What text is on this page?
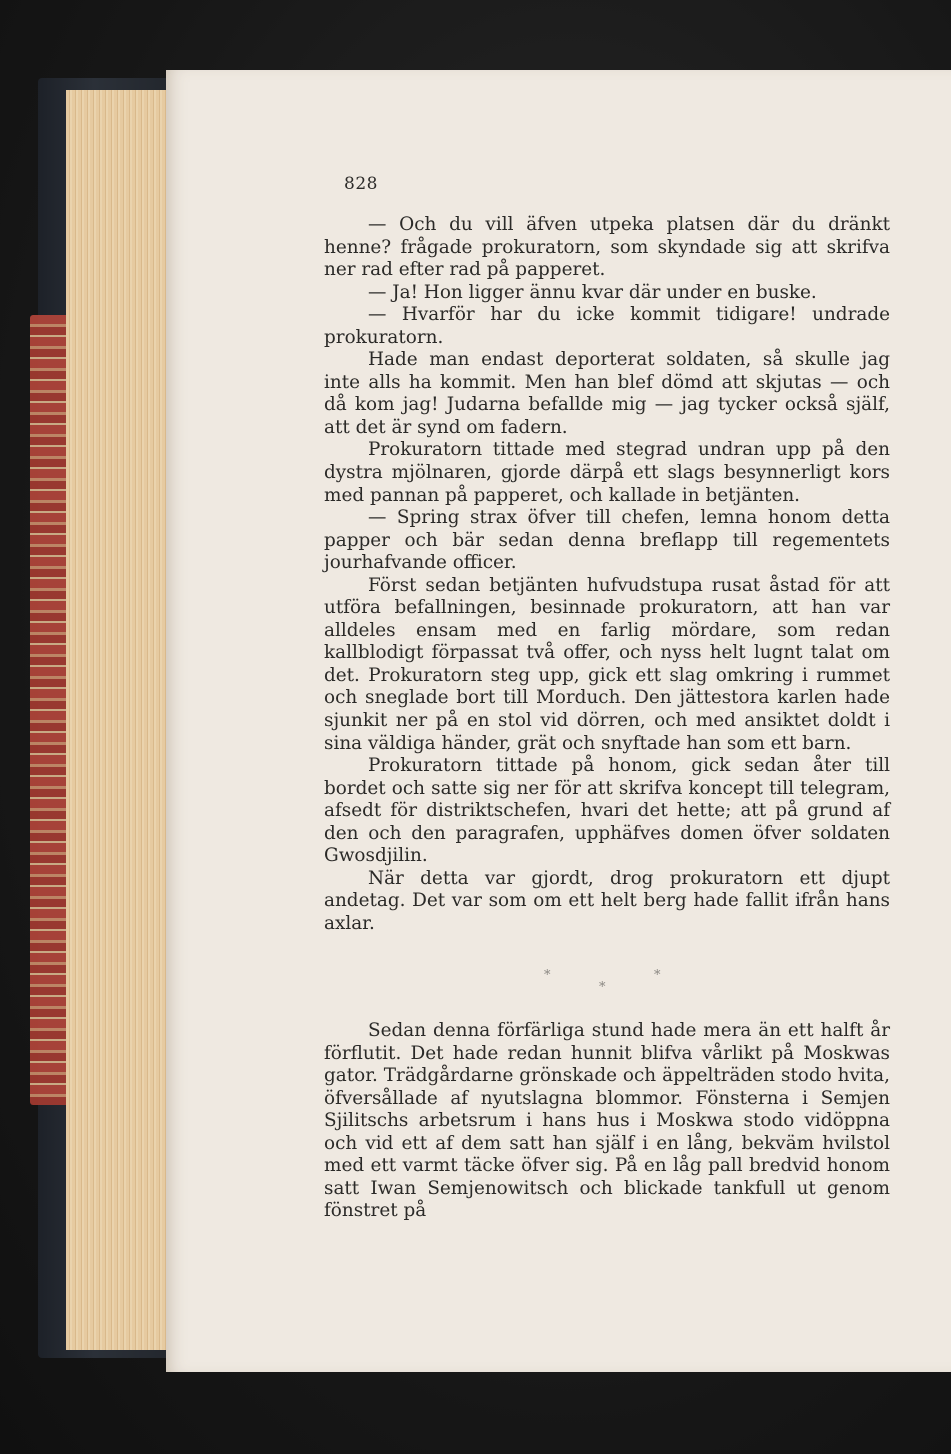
828

— Och du vill äfven utpeka platsen där du dränkt henne? frågade prokuratorn, som skyndade sig att skrifva ner rad efter rad på papperet.

— Ja! Hon ligger ännu kvar där under en buske.

— Hvarför har du icke kommit tidigare! undrade prokuratorn.

Hade man endast deporterat soldaten, så skulle jag inte alls ha kommit. Men han blef dömd att skjutas — och då kom jag! Judarna befallde mig — jag tycker också själf, att det är synd om fadern.

Prokuratorn tittade med stegrad undran upp på den dystra mjölnaren, gjorde därpå ett slags besynnerligt kors med pannan på papperet, och kallade in betjänten.

— Spring strax öfver till chefen, lemna honom detta papper och bär sedan denna breflapp till regementets jourhafvande officer.

Först sedan betjänten hufvudstupa rusat åstad för att utföra befallningen, besinnade prokuratorn, att han var alldeles ensam med en farlig mördare, som redan kallblodigt förpassat två offer, och nyss helt lugnt talat om det. Prokuratorn steg upp, gick ett slag omkring i rummet och sneglade bort till Morduch. Den jättestora karlen hade sjunkit ner på en stol vid dörren, och med ansiktet doldt i sina väldiga händer, grät och snyftade han som ett barn.

Prokuratorn tittade på honom, gick sedan åter till bordet och satte sig ner för att skrifva koncept till telegram, afsedt för distriktschefen, hvari det hette; att på grund af den och den paragrafen, upphäfves domen öfver soldaten Gwosdjilin.

När detta var gjordt, drog prokuratorn ett djupt andetag. Det var som om ett helt berg hade fallit ifrån hans axlar.

*
*
*

Sedan denna förfärliga stund hade mera än ett halft år förflutit. Det hade redan hunnit blifva vårlikt på Moskwas gator. Trädgårdarne grönskade och äppelträden stodo hvita, öfversållade af nyutslagna blommor. Fönsterna i Semjen Sjilitschs arbetsrum i hans hus i Moskwa stodo vidöppna och vid ett af dem satt han själf i en lång, bekväm hvilstol med ett varmt täcke öfver sig. På en låg pall bredvid honom satt Iwan Semjenowitsch och blickade tankfull ut genom fönstret på
